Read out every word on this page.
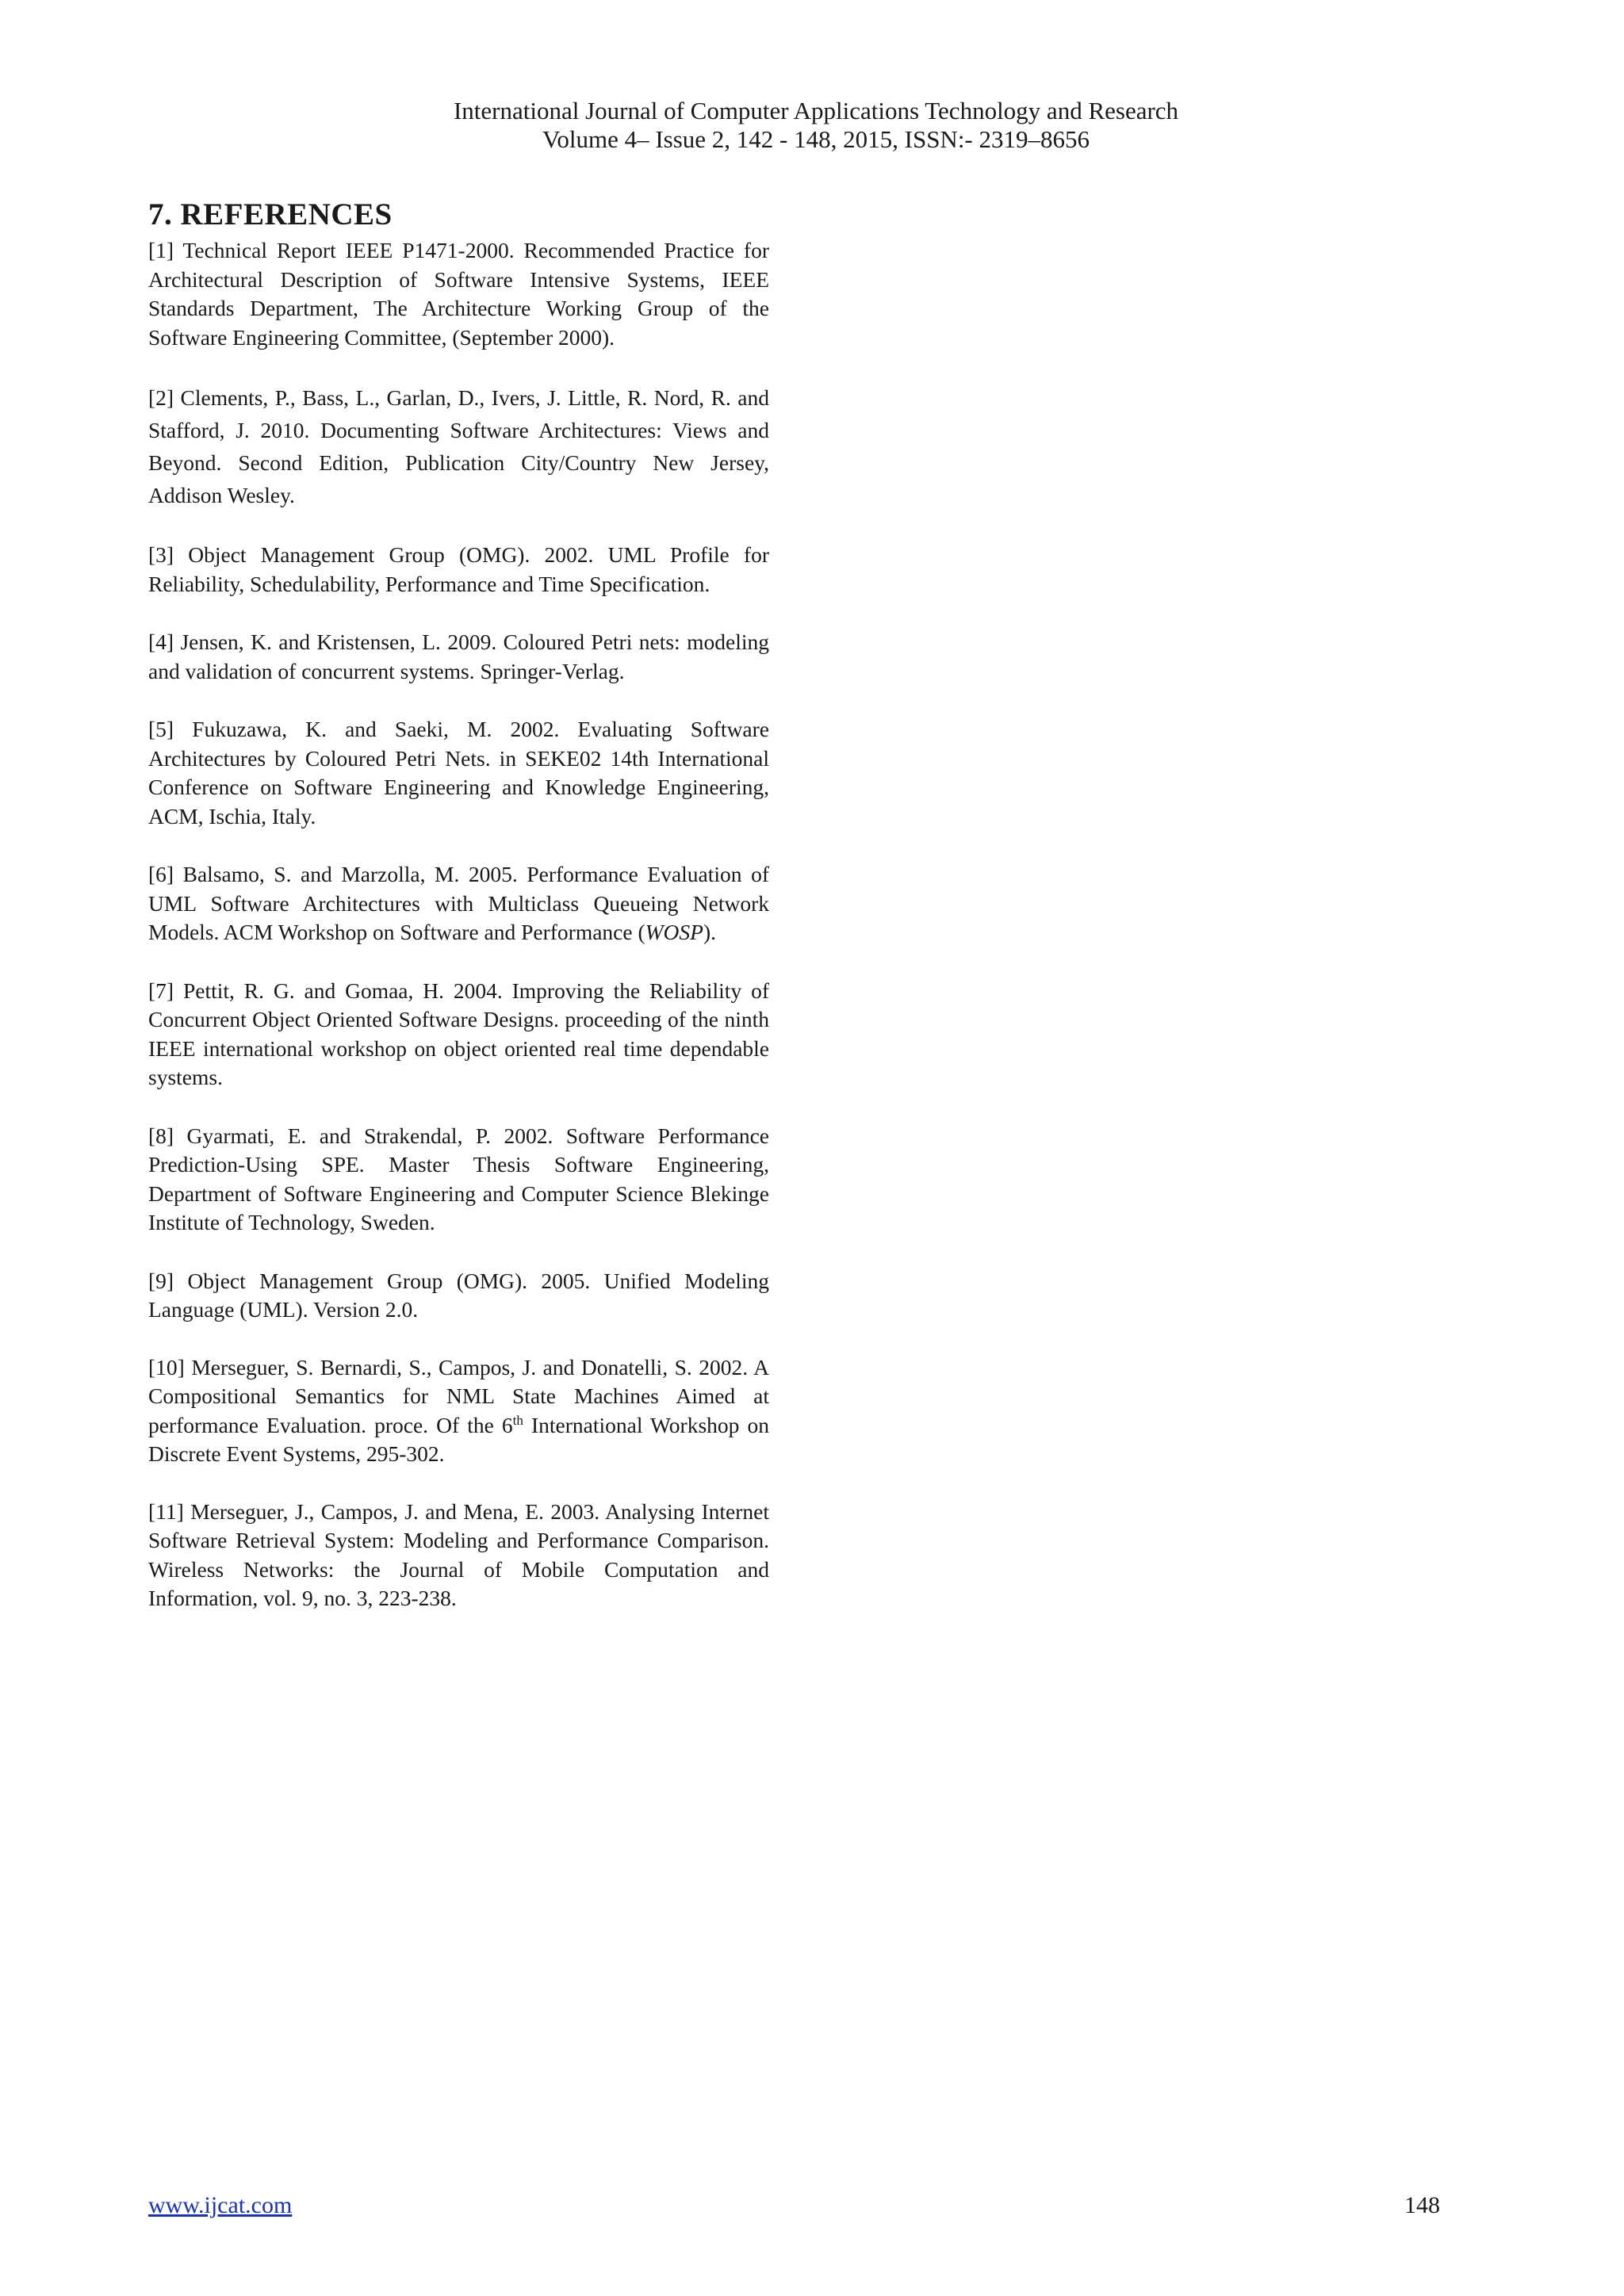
International Journal of Computer Applications Technology and Research
Volume 4– Issue 2, 142 - 148, 2015, ISSN:- 2319–8656
7. REFERENCES

[1] Technical Report IEEE P1471-2000. Recommended Practice for Architectural Description of Software Intensive Systems, IEEE Standards Department, The Architecture Working Group of the Software Engineering Committee, (September 2000).

[2] Clements, P., Bass, L., Garlan, D., Ivers, J. Little, R. Nord, R. and Stafford, J. 2010. Documenting Software Architectures: Views and Beyond. Second Edition, Publication City/Country New Jersey, Addison Wesley.

[3] Object Management Group (OMG). 2002. UML Profile for Reliability, Schedulability, Performance and Time Specification.

[4] Jensen, K. and Kristensen, L. 2009. Coloured Petri nets: modeling and validation of concurrent systems. Springer-Verlag.

[5] Fukuzawa, K. and Saeki, M. 2002. Evaluating Software Architectures by Coloured Petri Nets. in SEKE02 14th International Conference on Software Engineering and Knowledge Engineering, ACM, Ischia, Italy.

[6] Balsamo, S. and Marzolla, M. 2005. Performance Evaluation of UML Software Architectures with Multiclass Queueing Network Models. ACM Workshop on Software and Performance (WOSP).

[7] Pettit, R. G. and Gomaa, H. 2004. Improving the Reliability of Concurrent Object Oriented Software Designs. proceeding of the ninth IEEE international workshop on object oriented real time dependable systems.

[8] Gyarmati, E. and Strakendal, P. 2002. Software Performance Prediction-Using SPE. Master Thesis Software Engineering, Department of Software Engineering and Computer Science Blekinge Institute of Technology, Sweden.

[9] Object Management Group (OMG). 2005. Unified Modeling Language (UML). Version 2.0.

[10] Merseguer, S. Bernardi, S., Campos, J. and Donatelli, S. 2002. A Compositional Semantics for NML State Machines Aimed at performance Evaluation. proce. Of the 6th International Workshop on Discrete Event Systems, 295-302.

[11] Merseguer, J., Campos, J. and Mena, E. 2003. Analysing Internet Software Retrieval System: Modeling and Performance Comparison. Wireless Networks: the Journal of Mobile Computation and Information, vol. 9, no. 3, 223-238.

www.ijcat.com	148
